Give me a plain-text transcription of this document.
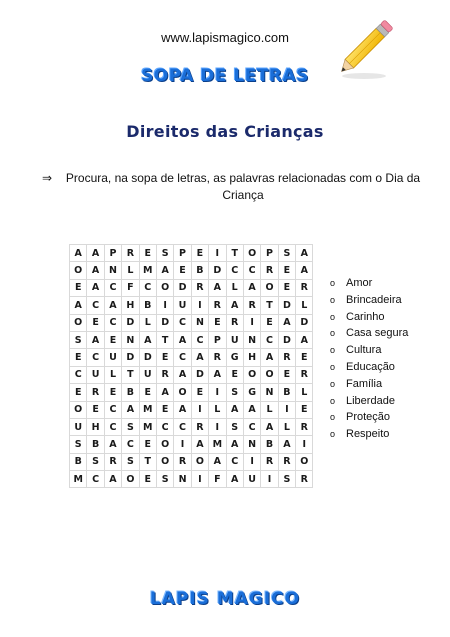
www.lapismagico.com
SOPA DE LETRAS
Direitos das Crianças
⇒	Procura, na sopa de letras, as palavras relacionadas com o Dia da Criança
A	A	P	R	E	S	P	E	I	T	O	P	S	A
O	A	N	L	M	A	E	B	D	C	C	R	E	A
E	A	C	F	C	O	D	R	A	L	A	O	E	R
A	C	A	H	B	I	U	I	R	A	R	T	D	L
O	E	C	D	L	D	C	N	E	R	I	E	A	D
S	A	E	N	A	T	A	C	P	U	N	C	D	A
E	C	U	D	D	E	C	A	R	G	H	A	R	E
C	U	L	T	U	R	A	D	A	E	O	O	E	R
E	R	E	B	E	A	O	E	I	S	G	N	B	L
O	E	C	A	M	E	A	I	L	A	A	L	I	E
U	H	C	S	M	C	C	R	I	S	C	A	L	R
S	B	A	C	E	O	I	A	M	A	N	B	A	I
B	S	R	S	T	O	R	O	A	C	I	R	R	O
M	C	A	O	E	S	N	I	F	A	U	I	S	R
o Amor
o Brincadeira
o Carinho
o Casa segura
o Cultura
o Educação
o Família
o Liberdade
o Proteção
o Respeito
LAPIS MAGICO
